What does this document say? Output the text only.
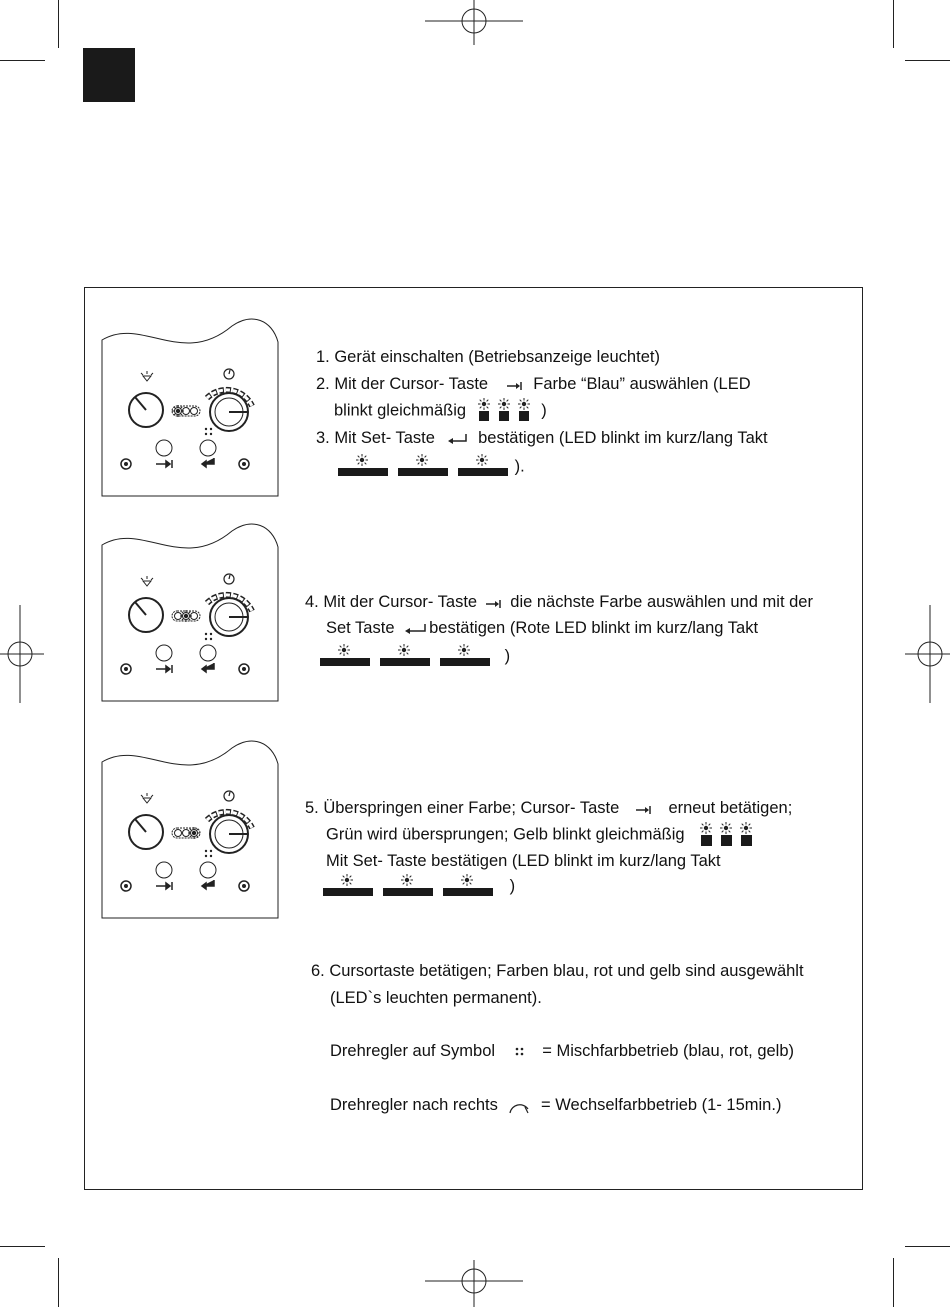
1. Gerät einschalten (Betriebsanzeige leuchtet)
2. Mit der Cursor- Taste	Farbe “Blau” auswählen (LED
blinkt gleichmäßig	)
3. Mit Set- Taste	bestätigen (LED blinkt im kurz/lang Takt
).
4. Mit der Cursor- Taste die nächste Farbe auswählen und mit der
Set Taste bestätigen (Rote LED blinkt im kurz/lang Takt
)
5. Überspringen einer Farbe; Cursor- Taste	erneut betätigen;
Grün wird übersprungen; Gelb blinkt gleichmäßig
Mit Set- Taste bestätigen (LED blinkt im kurz/lang Takt
)
6. Cursortaste betätigen; Farben blau, rot und gelb sind ausgewählt
(LED`s leuchten permanent).
Drehregler auf Symbol	= Mischfarbbetrieb (blau, rot, gelb)
Drehregler nach rechts	= Wechselfarbbetrieb (1- 15min.)
